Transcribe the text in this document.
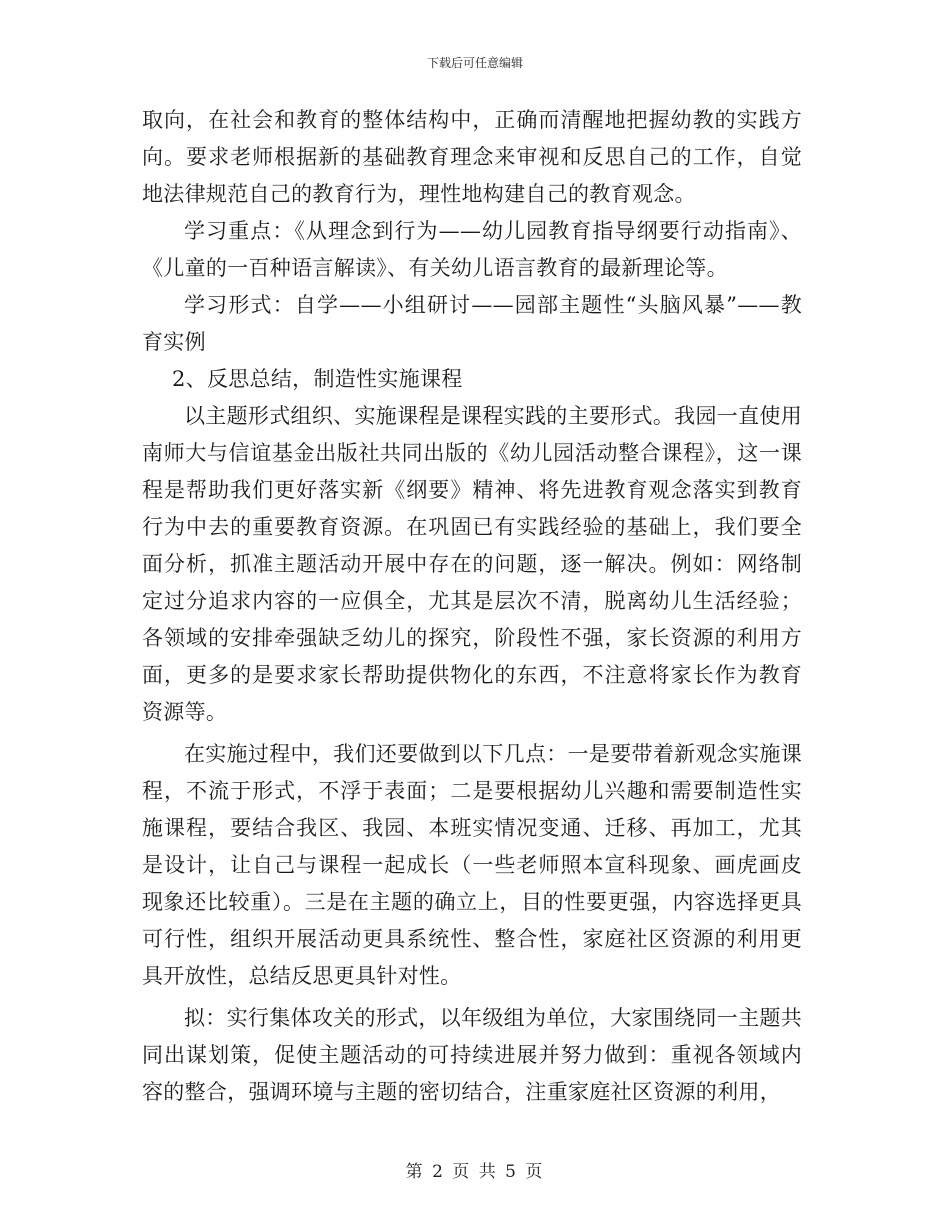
下载后可任意编辑

取向，在社会和教育的整体结构中，正确而清醒地把握幼教的实践方向。要求老师根据新的基础教育理念来审视和反思自己的工作，自觉地法律规范自己的教育行为，理性地构建自己的教育观念。

学习重点：《从理念到行为——幼儿园教育指导纲要行动指南》、《儿童的一百种语言解读》、有关幼儿语言教育的最新理论等。

学习形式：自学——小组研讨——园部主题性“头脑风暴”——教育实例

2、反思总结，制造性实施课程

以主题形式组织、实施课程是课程实践的主要形式。我园一直使用南师大与信谊基金出版社共同出版的《幼儿园活动整合课程》，这一课程是帮助我们更好落实新《纲要》精神、将先进教育观念落实到教育行为中去的重要教育资源。在巩固已有实践经验的基础上，我们要全面分析，抓准主题活动开展中存在的问题，逐一解决。例如：网络制定过分追求内容的一应俱全，尤其是层次不清，脱离幼儿生活经验；各领域的安排牵强缺乏幼儿的探究，阶段性不强，家长资源的利用方面，更多的是要求家长帮助提供物化的东西，不注意将家长作为教育资源等。

在实施过程中，我们还要做到以下几点：一是要带着新观念实施课程，不流于形式，不浮于表面；二是要根据幼儿兴趣和需要制造性实施课程，要结合我区、我园、本班实情况变通、迁移、再加工，尤其是设计，让自己与课程一起成长（一些老师照本宣科现象、画虎画皮现象还比较重）。三是在主题的确立上，目的性要更强，内容选择更具可行性，组织开展活动更具系统性、整合性，家庭社区资源的利用更具开放性，总结反思更具针对性。

拟：实行集体攻关的形式，以年级组为单位，大家围绕同一主题共同出谋划策，促使主题活动的可持续进展并努力做到：重视各领域内容的整合，强调环境与主题的密切结合，注重家庭社区资源的利用，

第 2 页 共 5 页
